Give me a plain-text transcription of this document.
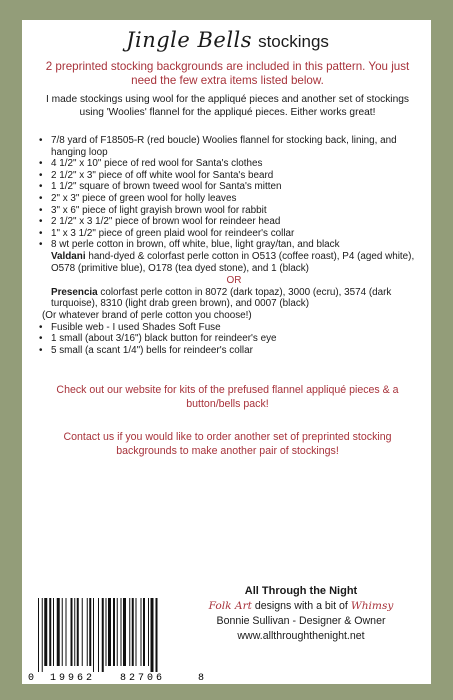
Jingle Bells stockings
2 preprinted stocking backgrounds are included in this pattern. You just need the few extra items listed below.
I made stockings using wool for the appliqué pieces and another set of stockings using 'Woolies' flannel for the appliqué pieces. Either works great!
• 7/8 yard of F18505-R (red boucle) Woolies flannel for stocking back, lining, and hanging loop
• 4 1/2" x 10" piece of red wool for Santa's clothes
• 2 1/2" x 3" piece of off white wool for Santa's beard
• 1 1/2" square of brown tweed wool for Santa's mitten
• 2" x 3" piece of green wool for holly leaves
• 3" x 6" piece of light grayish brown wool for rabbit
• 2 1/2" x 3 1/2" piece of brown wool for reindeer head
• 1" x 3 1/2" piece of green plaid wool for reindeer's collar
• 8 wt perle cotton in brown, off white, blue, light gray/tan, and black
Valdani hand-dyed & colorfast perle cotton in O513 (coffee roast), P4 (aged white), O578 (primitive blue), O178 (tea dyed stone), and 1 (black)
OR
Presencia colorfast perle cotton in 8072 (dark topaz), 3000 (ecru), 3574 (dark turquoise), 8310 (light drab green brown), and 0007 (black)
(Or whatever brand of perle cotton you choose!)
• Fusible web - I used Shades Soft Fuse
• 1 small (about 3/16") black button for reindeer's eye
• 5 small (a scant 1/4") bells for reindeer's collar
Check out our website for kits of the prefused flannel appliqué pieces & a button/bells pack!
Contact us if you would like to order another set of preprinted stocking backgrounds to make another pair of stockings!
0 19962 82706	8
All Through the Night
Folk Art designs with a bit of Whimsy
Bonnie Sullivan - Designer & Owner
www.allthroughthenight.net
